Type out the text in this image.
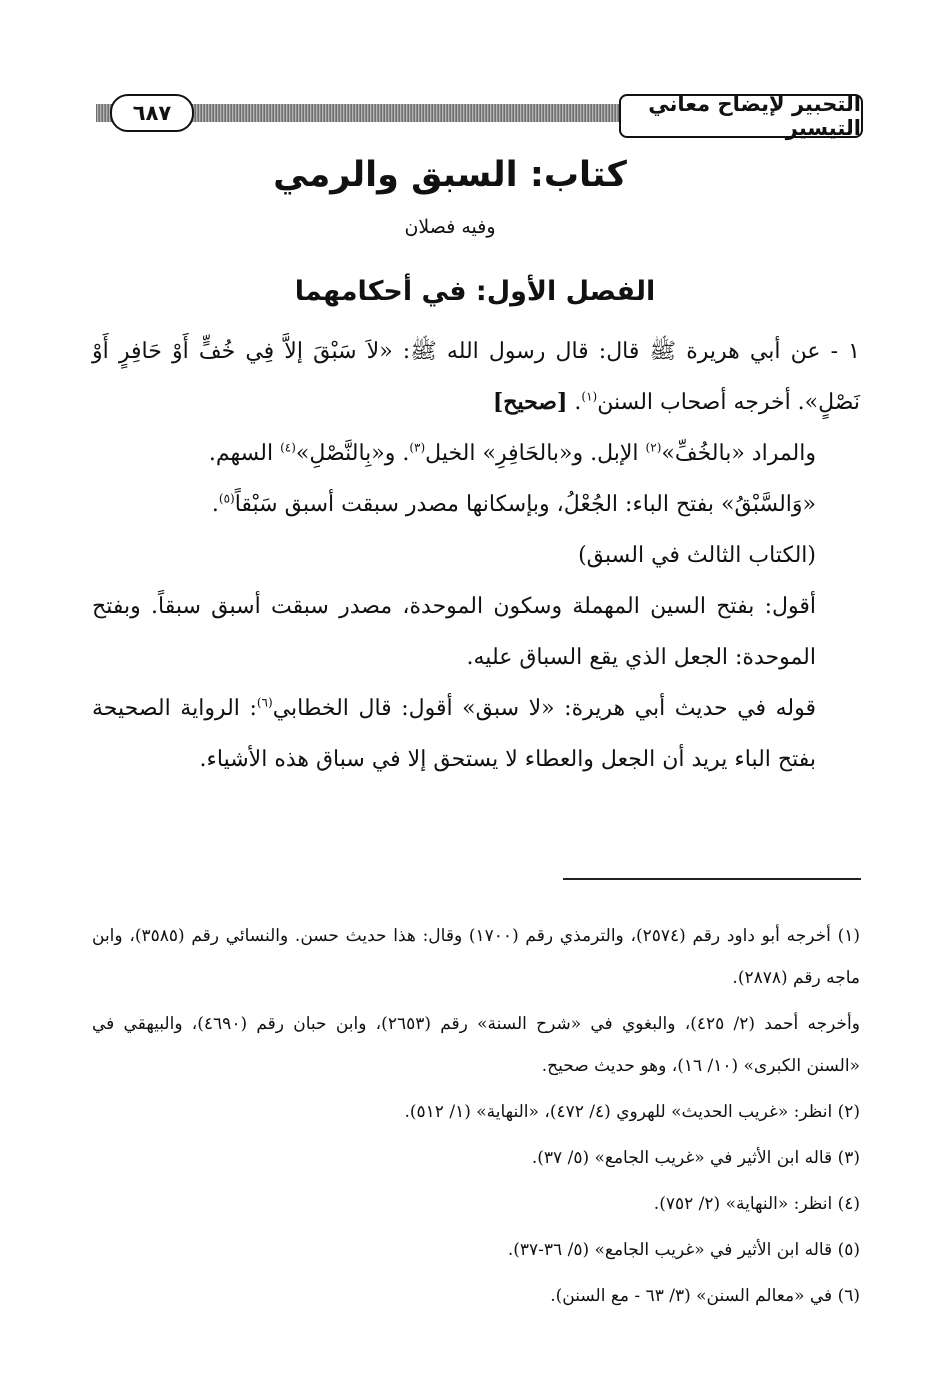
التحبير لإيضاح معاني التيسير
٦٨٧
كتاب: السبق والرمي
وفيه فصلان
الفصل الأول: في أحكامهما

١ - عن أبي هريرة ﷺ قال: قال رسول الله ﷺ: «لاَ سَبْقَ إلاَّ فِي خُفٍّ أَوْ حَافِرٍ أَوْ نَصْلٍ». أخرجه أصحاب السنن$^{(١)}$. [صحيح]

والمراد «بالخُفِّ»$^{(٢)}$ الإبل. و«بالحَافِرِ» الخيل$^{(٣)}$. و«بِالنَّصْلِ»$^{(٤)}$ السهم.

«وَالسَّبْقُ» بفتح الباء: الجُعْلُ، وبإسكانها مصدر سبقت أسبق سَبْقاً$^{(٥)}$.

(الكتاب الثالث في السبق)

أقول: بفتح السين المهملة وسكون الموحدة، مصدر سبقت أسبق سبقاً. وبفتح الموحدة: الجعل الذي يقع السباق عليه.

قوله في حديث أبي هريرة: «لا سبق» أقول: قال الخطابي$^{(٦)}$: الرواية الصحيحة بفتح الباء يريد أن الجعل والعطاء لا يستحق إلا في سباق هذه الأشياء.

(١) أخرجه أبو داود رقم (٢٥٧٤)، والترمذي رقم (١٧٠٠) وقال: هذا حديث حسن. والنسائي رقم (٣٥٨٥)، وابن ماجه رقم (٢٨٧٨).

وأخرجه أحمد (٢/ ٤٢٥)، والبغوي في «شرح السنة» رقم (٢٦٥٣)، وابن حبان رقم (٤٦٩٠)، والبيهقي في «السنن الكبرى» (١٠/ ١٦)، وهو حديث صحيح.

(٢) انظر: «غريب الحديث» للهروي (٤/ ٤٧٢)، «النهاية» (١/ ٥١٢).

(٣) قاله ابن الأثير في «غريب الجامع» (٥/ ٣٧).

(٤) انظر: «النهاية» (٢/ ٧٥٢).

(٥) قاله ابن الأثير في «غريب الجامع» (٥/ ٣٦-٣٧).

(٦) في «معالم السنن» (٣/ ٦٣ - مع السنن).
